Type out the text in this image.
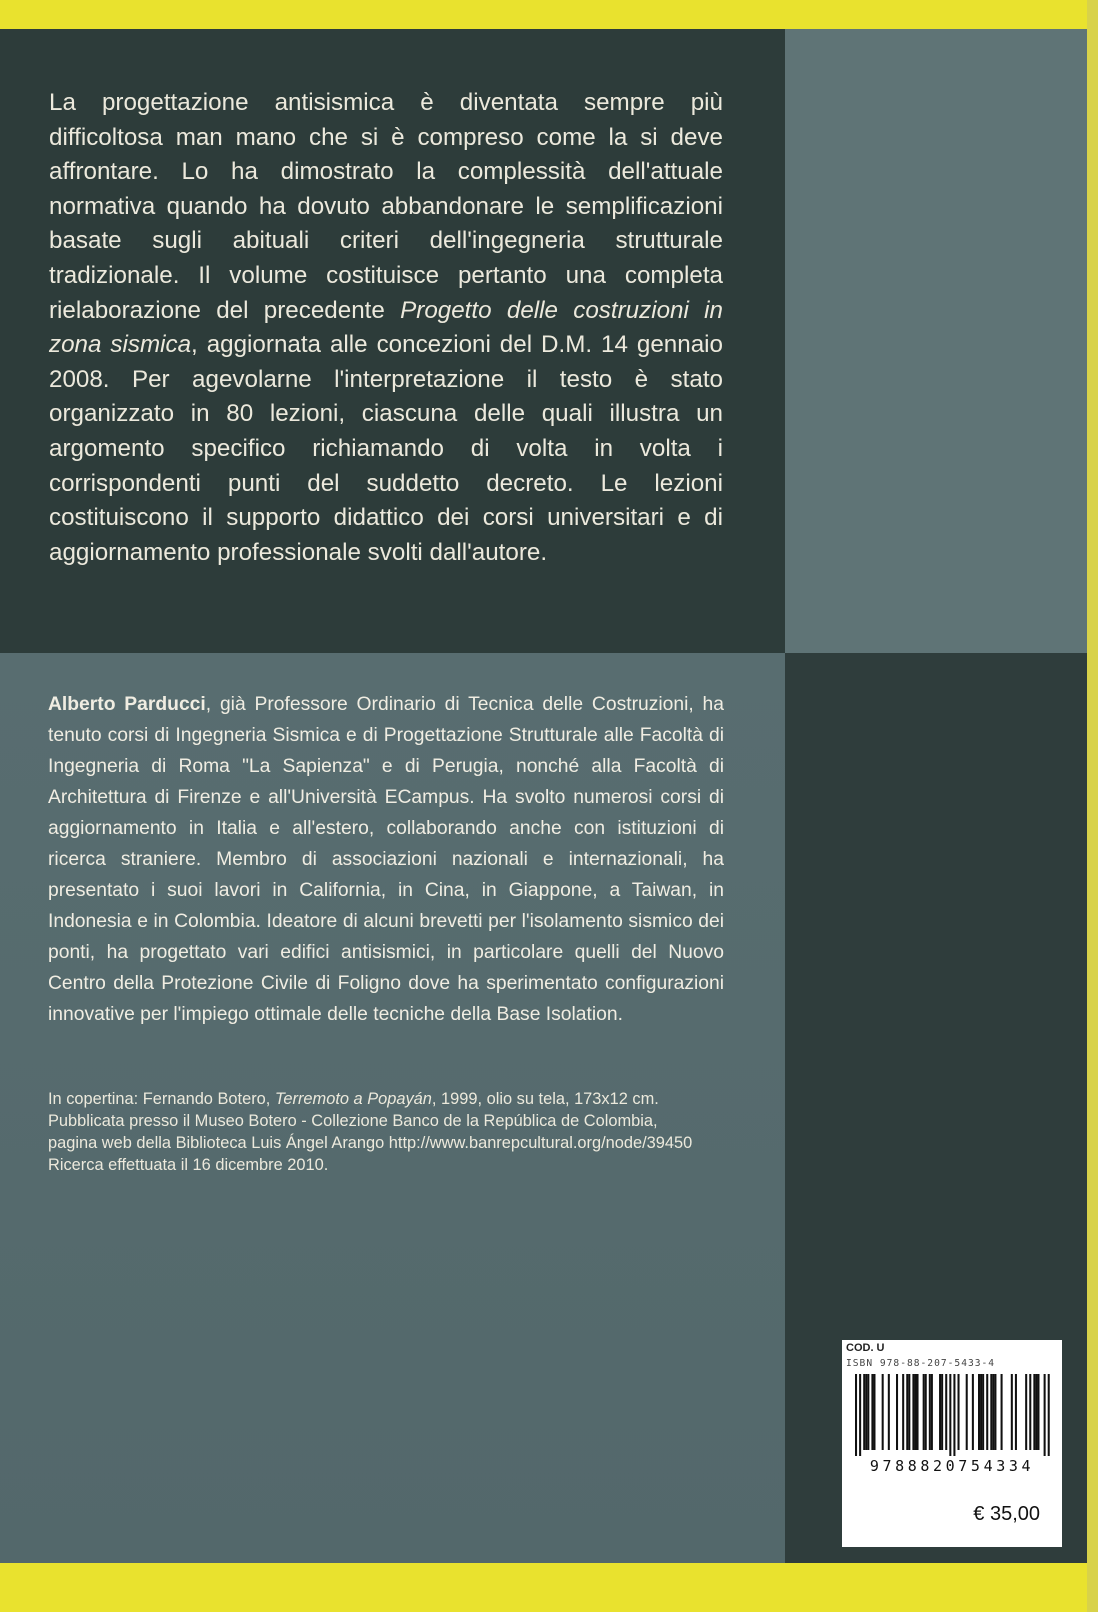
La progettazione antisismica è diventata sempre più difficoltosa man mano che si è compreso come la si deve affrontare. Lo ha dimostrato la complessità dell'attuale normativa quando ha dovuto abbandonare le semplificazioni basate sugli abituali criteri dell'ingegneria strutturale tradizionale. Il volume costituisce pertanto una completa rielaborazione del precedente Progetto delle costruzioni in zona sismica, aggiornata alle concezioni del D.M. 14 gennaio 2008. Per agevolarne l'interpretazione il testo è stato organizzato in 80 lezioni, ciascuna delle quali illustra un argomento specifico richiamando di volta in volta i corrispondenti punti del suddetto decreto. Le lezioni costituiscono il supporto didattico dei corsi universitari e di aggiornamento professionale svolti dall'autore.

Alberto Parducci, già Professore Ordinario di Tecnica delle Costruzioni, ha tenuto corsi di Ingegneria Sismica e di Progettazione Strutturale alle Facoltà di Ingegneria di Roma "La Sapienza" e di Perugia, nonché alla Facoltà di Architettura di Firenze e all'Università ECampus. Ha svolto numerosi corsi di aggiornamento in Italia e all'estero, collaborando anche con istituzioni di ricerca straniere. Membro di associazioni nazionali e internazionali, ha presentato i suoi lavori in California, in Cina, in Giappone, a Taiwan, in Indonesia e in Colombia. Ideatore di alcuni brevetti per l'isolamento sismico dei ponti, ha progettato vari edifici antisismici, in particolare quelli del Nuovo Centro della Protezione Civile di Foligno dove ha sperimentato configurazioni innovative per l'impiego ottimale delle tecniche della Base Isolation.

In copertina: Fernando Botero, Terremoto a Popayán, 1999, olio su tela, 173x12 cm.
Pubblicata presso il Museo Botero - Collezione Banco de la República de Colombia,
pagina web della Biblioteca Luis Ángel Arango http://www.banrepcultural.org/node/39450
Ricerca effettuata il 16 dicembre 2010.
COD. U
ISBN 978-88-207-5433-4
9788820754334
€ 35,00
